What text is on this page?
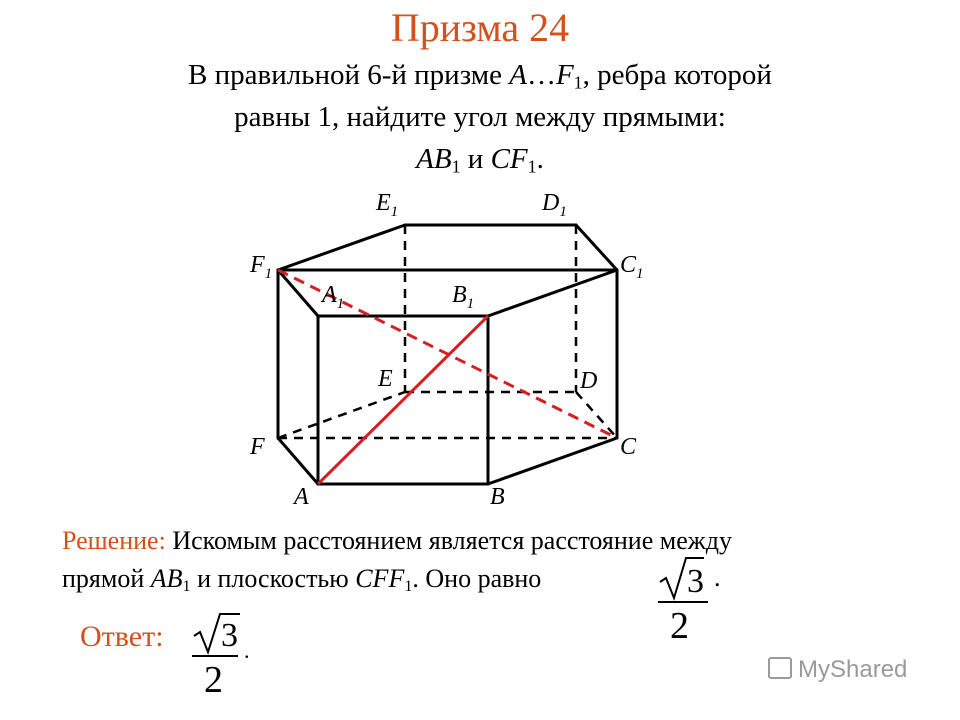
Призма 24
В правильной 6-й призме $A\dots F_1$, ребра которой
равны 1, найдите угол между прямыми:
$AB_1$ и $CF_1$.
$E_1$	$D_1$
$F_1$	$C_1$
$A_1$	$B_1$
E	D
F	C
A	B
Решение: Искомым расстоянием является расстояние между
прямой $AB_1$ и плоскостью $CFF_1$. Оно равно	3
2
.
Ответ: 3
2
.
MyShared
